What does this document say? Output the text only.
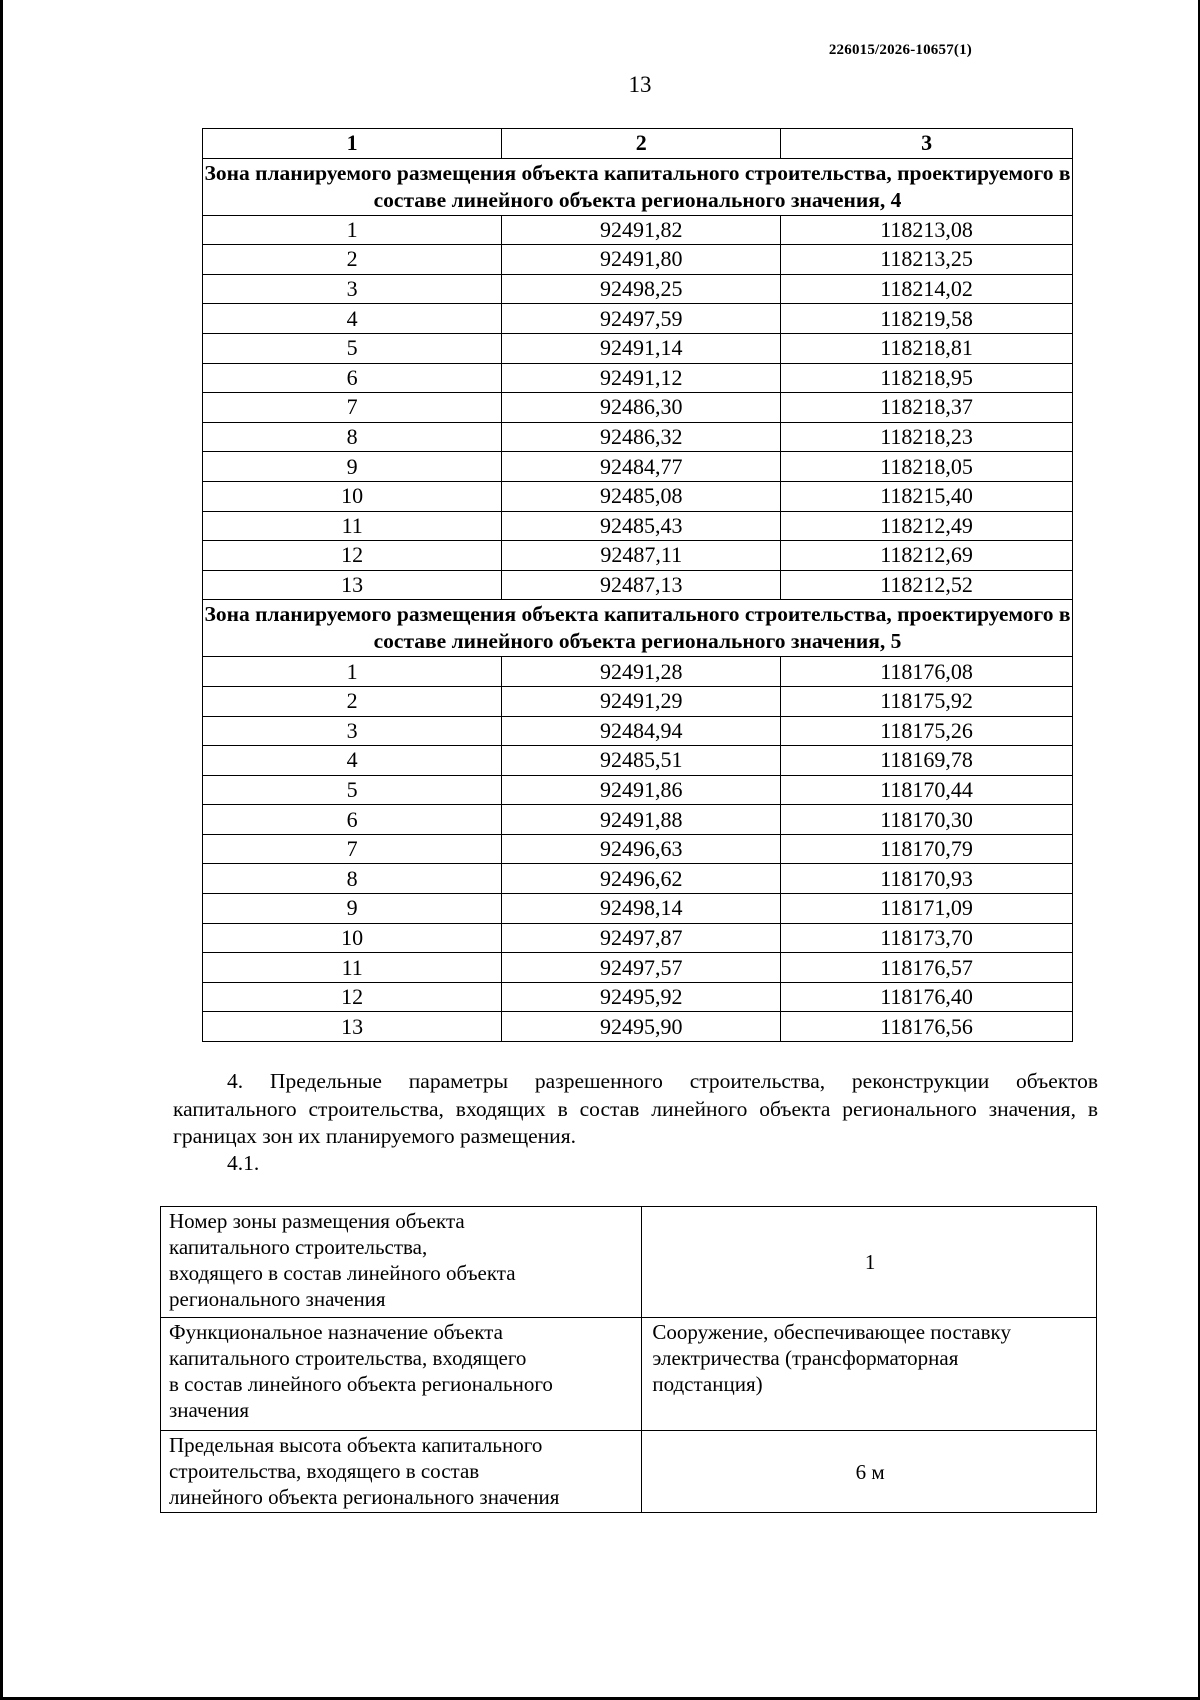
226015/2026-10657(1)
13
1	2	3
Зона планируемого размещения объекта капитального строительства, проектируемого в составе линейного объекта регионального значения, 4		
1	92491,82	118213,08
2	92491,80	118213,25
3	92498,25	118214,02
4	92497,59	118219,58
5	92491,14	118218,81
6	92491,12	118218,95
7	92486,30	118218,37
8	92486,32	118218,23
9	92484,77	118218,05
10	92485,08	118215,40
11	92485,43	118212,49
12	92487,11	118212,69
13	92487,13	118212,52
Зона планируемого размещения объекта капитального строительства, проектируемого в составе линейного объекта регионального значения, 5		
1	92491,28	118176,08
2	92491,29	118175,92
3	92484,94	118175,26
4	92485,51	118169,78
5	92491,86	118170,44
6	92491,88	118170,30
7	92496,63	118170,79
8	92496,62	118170,93
9	92498,14	118171,09
10	92497,87	118173,70
11	92497,57	118176,57
12	92495,92	118176,40
13	92495,90	118176,56

4. Предельные параметры разрешенного строительства, реконструкции объектов капитального строительства, входящих в состав линейного объекта регионального значения, в границах зон их планируемого размещения.

4.1.
Номер зоны размещения объекта
капитального строительства,
входящего в состав линейного объекта
регионального значения	1

Функциональное назначение объекта
капитального строительства, входящего
в состав линейного объекта регионального
значения	Сооружение, обеспечивающее поставку
электричества (трансформаторная
подстанция)

Предельная высота объекта капитального
строительства, входящего в состав
линейного объекта регионального значения	6 м
